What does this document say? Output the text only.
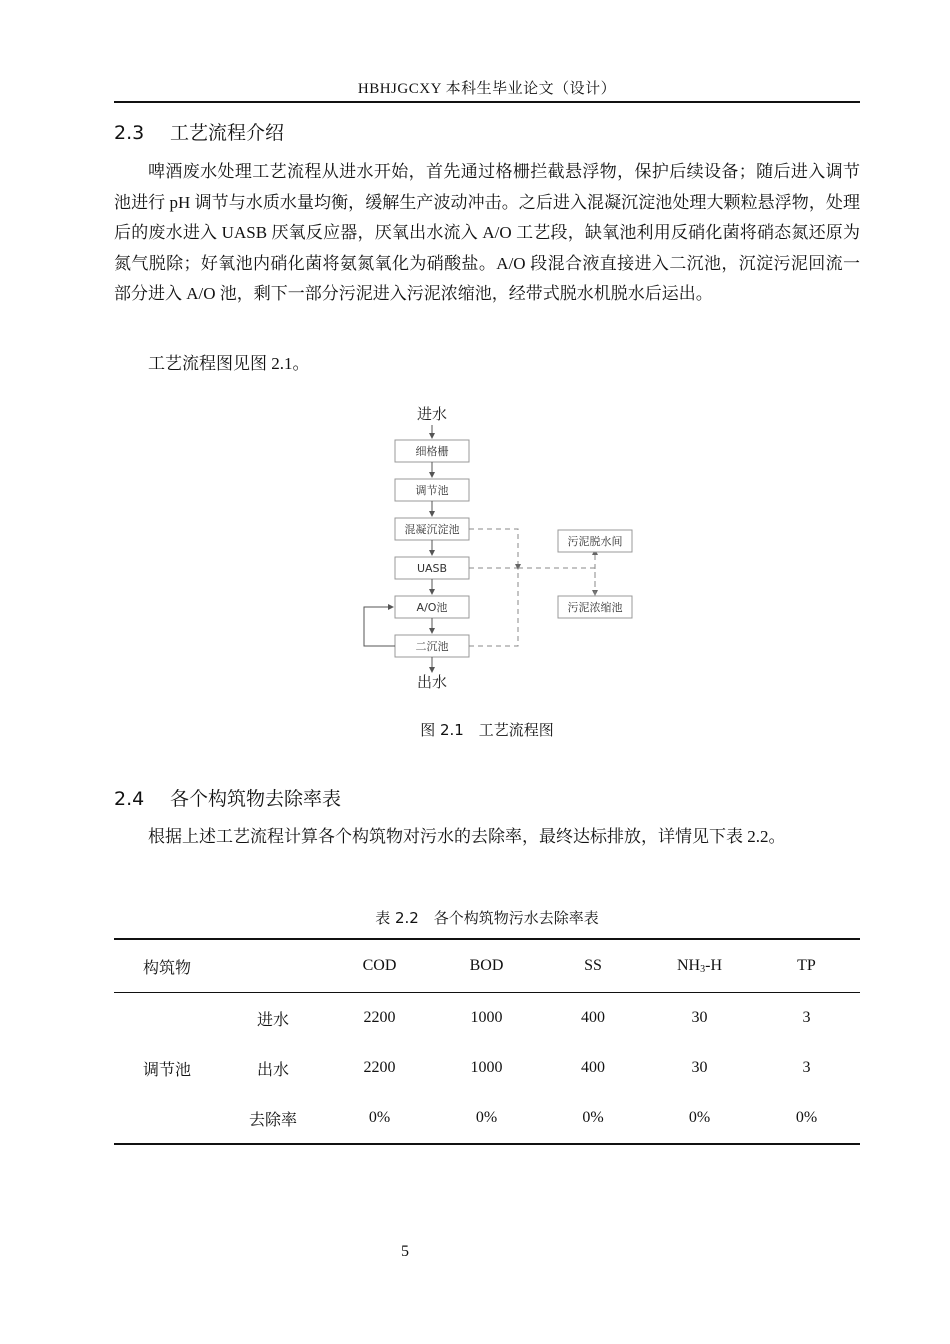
HBHJGCXY 本科生毕业论文（设计）
2.3 工艺流程介绍

啤酒废水处理工艺流程从进水开始，首先通过格栅拦截悬浮物，保护后续设备；随后进入调节池进行 pH 调节与水质水量均衡，缓解生产波动冲击。之后进入混凝沉淀池处理大颗粒悬浮物，处理后的废水进入 UASB 厌氧反应器，厌氧出水流入 A/O 工艺段，缺氧池利用反硝化菌将硝态氮还原为氮气脱除；好氧池内硝化菌将氨氮氧化为硝酸盐。A/O 段混合液直接进入二沉池，沉淀污泥回流一部分进入 A/O 池，剩下一部分污泥进入污泥浓缩池，经带式脱水机脱水后运出。

工艺流程图见图 2.1。

进水
细格栅
调节池
混凝沉淀池
UASB
A/O池
二沉池
出水
污泥脱水间
污泥浓缩池
图 2.1　工艺流程图
2.4 各个构筑物去除率表

根据上述工艺流程计算各个构筑物对污水的去除率，最终达标排放，详情见下表 2.2。

表 2.2　各个构筑物污水去除率表
构筑物		COD	BOD	SS	$NH_3-H$	TP
调节池	进水	2200	1000	400	30	3
	出水	2200	1000	400	30	3
	去除率	0%	0%	0%	0%	0%
5
